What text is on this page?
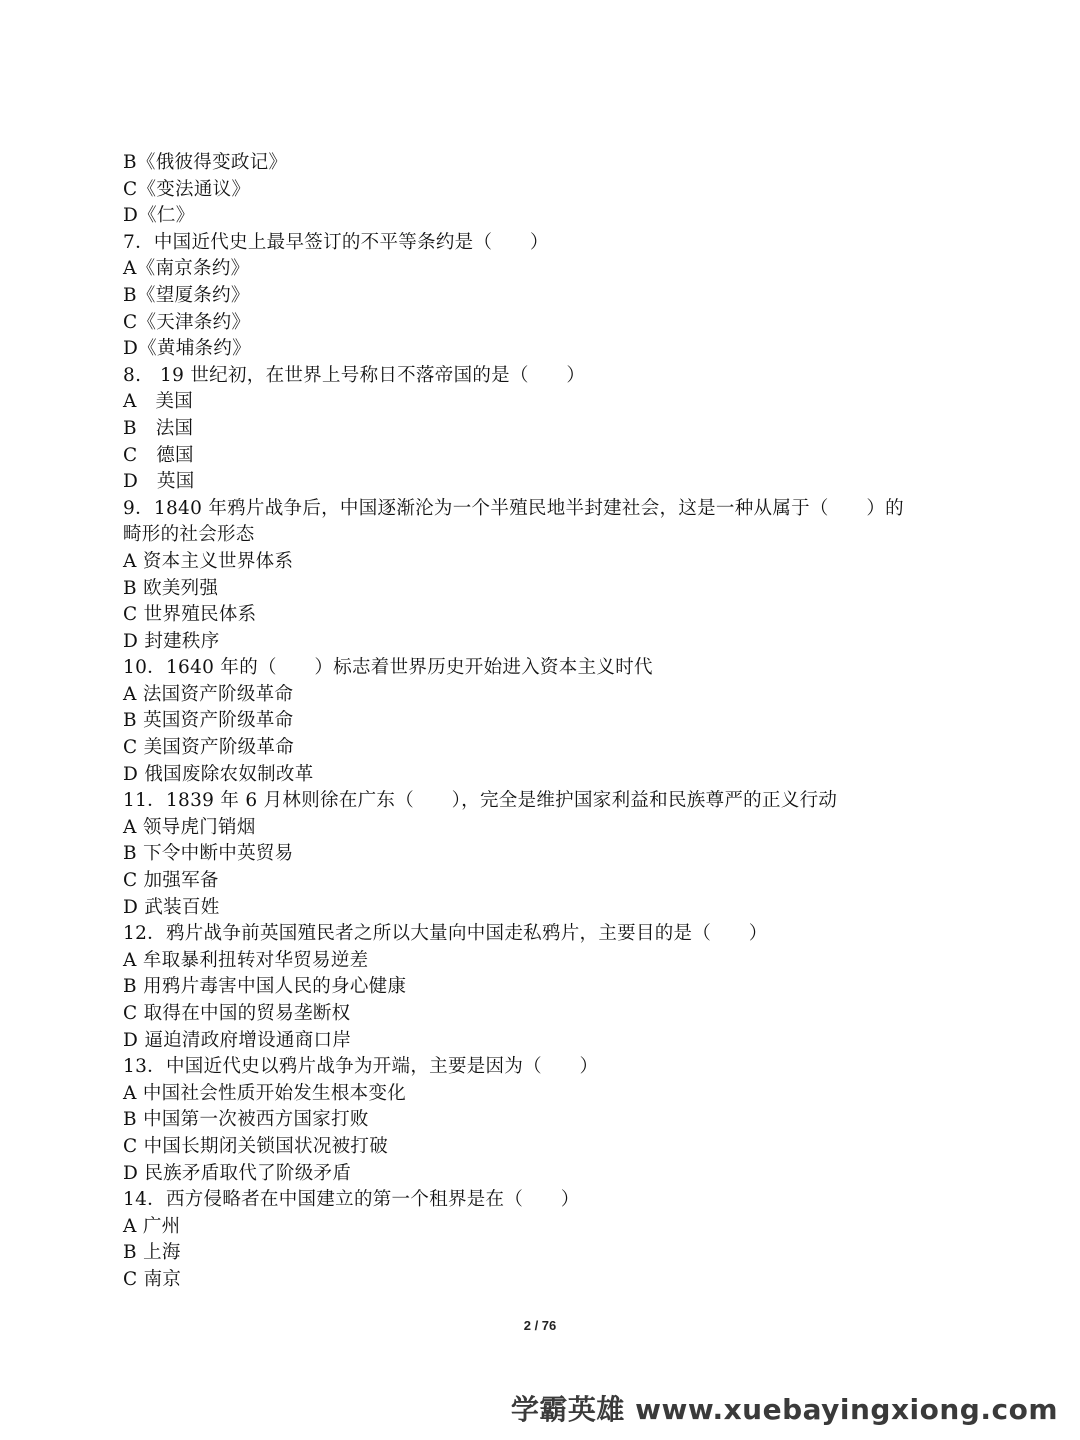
B《俄彼得变政记》
C《变法通议》
D《仁》
7．中国近代史上最早签订的不平等条约是（　　）
A《南京条约》
B《望厦条约》
C《天津条约》
D《黄埔条约》
8.　19 世纪初，在世界上号称日不落帝国的是（　　）
A　美国
B　法国
C　德国
D　英国
9．1840 年鸦片战争后，中国逐渐沦为一个半殖民地半封建社会，这是一种从属于（　　）的
畸形的社会形态
A 资本主义世界体系
B 欧美列强
C 世界殖民体系
D 封建秩序
10．1640 年的（　　）标志着世界历史开始进入资本主义时代
A 法国资产阶级革命
B 英国资产阶级革命
C 美国资产阶级革命
D 俄国废除农奴制改革
11．1839 年 6 月林则徐在广东（　　），完全是维护国家利益和民族尊严的正义行动
A 领导虎门销烟
B 下令中断中英贸易
C 加强军备
D 武装百姓
12．鸦片战争前英国殖民者之所以大量向中国走私鸦片，主要目的是（　　）
A 牟取暴利扭转对华贸易逆差
B 用鸦片毒害中国人民的身心健康
C 取得在中国的贸易垄断权
D 逼迫清政府增设通商口岸
13．中国近代史以鸦片战争为开端，主要是因为（　　）
A 中国社会性质开始发生根本变化
B 中国第一次被西方国家打败
C 中国长期闭关锁国状况被打破
D 民族矛盾取代了阶级矛盾
14．西方侵略者在中国建立的第一个租界是在（　　）
A 广州
B 上海
C 南京
2 / 76
学霸英雄 www.xuebayingxiong.com
